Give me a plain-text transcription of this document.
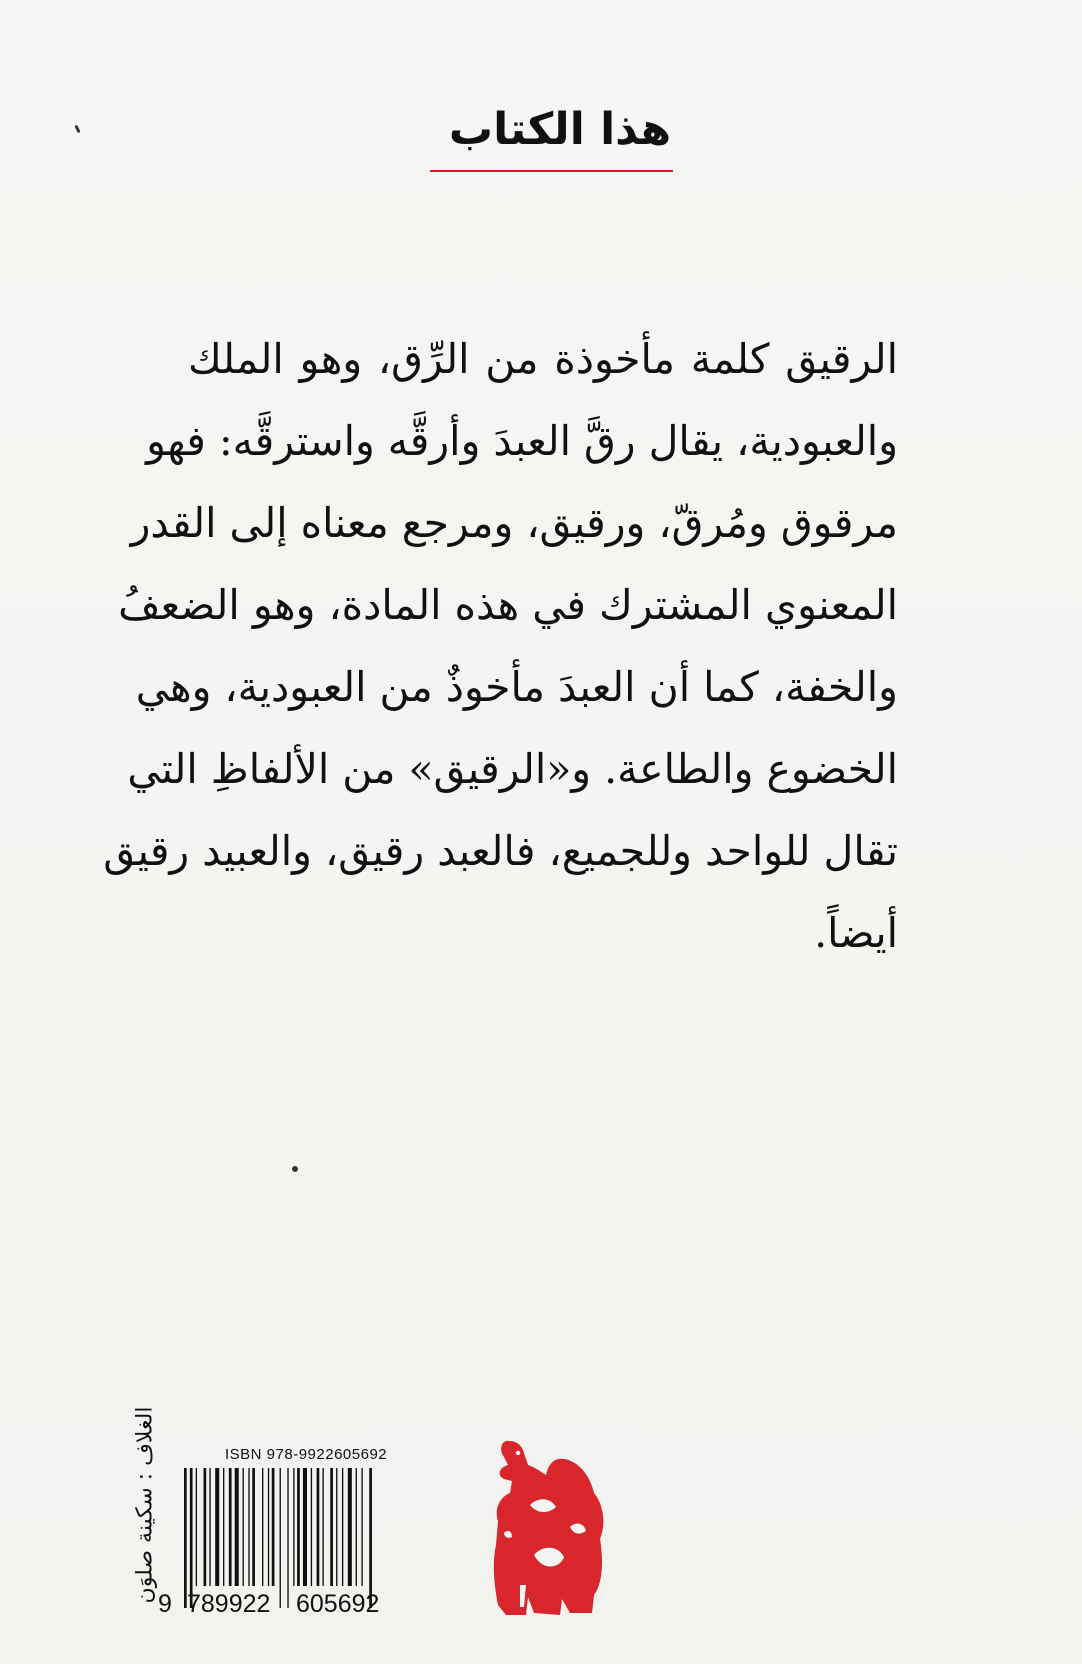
هذا الكتاب
الرقيق كلمة مأخوذة من الرِّق، وهو الملك
والعبودية، يقال رقَّ العبدَ وأرقَّه واسترقَّه: فهو
مرقوق ومُرقّ، ورقيق، ومرجع معناه إلى القدر
المعنوي المشترك في هذه المادة، وهو الضعفُ
والخفة، كما أن العبدَ مأخوذٌ من العبودية، وهي
الخضوع والطاعة. و«الرقيق» من الألفاظِ التي
تقال للواحد وللجميع، فالعبد رقيق، والعبيد رقيق
أيضاً.
الغلاف : سكينة صلوَن	ISBN 978-9922605692
9 789922 605692
